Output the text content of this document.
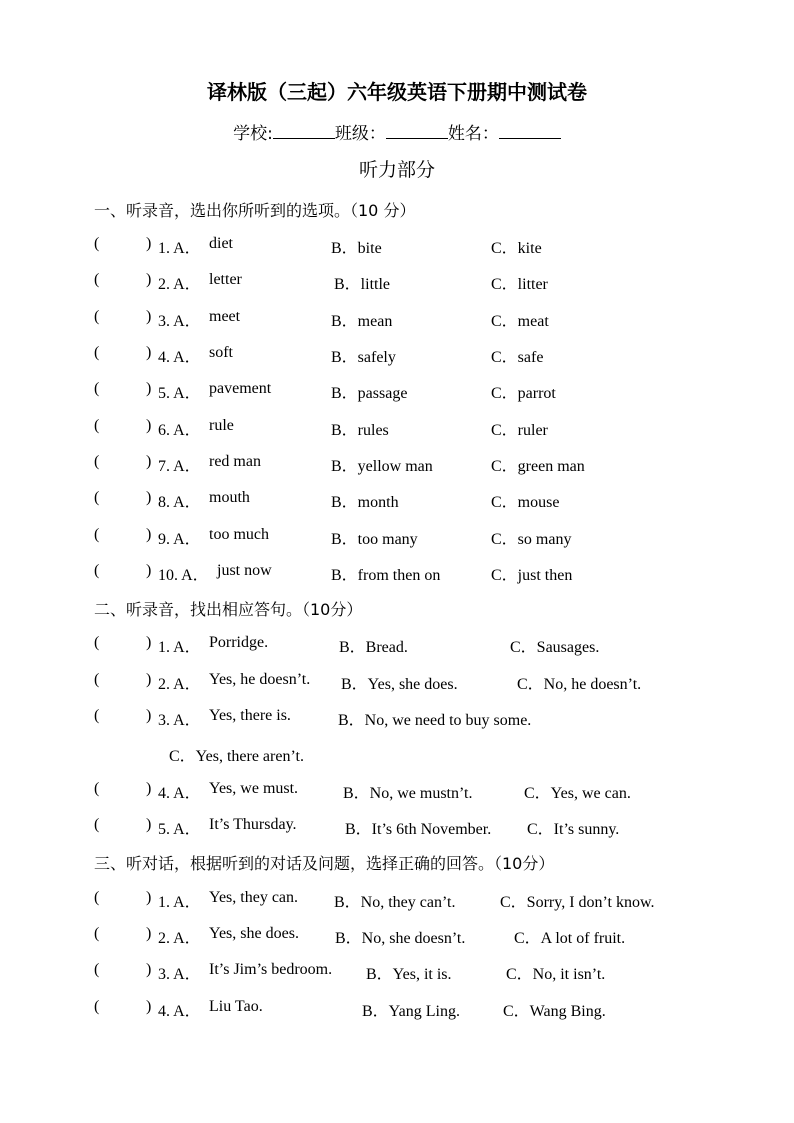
译林版（三起）六年级英语下册期中测试卷
学校:	班级：	姓名：
听力部分
一、听录音，选出你所听到的选项。（10 分）
(	) 1. A． diet	B．bite	C．kite
(	) 2. A． letter	B．little	C．litter
(	) 3. A． meet	B．mean	C．meat
(	) 4. A． soft	B．safely	C．safe
(	) 5. A． pavement	B．passage	C．parrot
(	) 6. A． rule	B．rules	C．ruler
(	) 7. A． red man	B．yellow man	C．green man
(	) 8. A． mouth	B．month	C．mouse
(	) 9. A． too much	B．too many	C．so many
(	) 10. A． just now	B．from then on	C．just then
二、听录音，找出相应答句。（10分）
(	) 1. A． Porridge.	B．Bread.	C．Sausages.
(	) 2. A． Yes, he doesn’t. B．Yes, she does.	C．No, he doesn’t.
(	) 3. A． Yes, there is.	B．No, we need to buy some.
C．Yes, there aren’t.
(	) 4. A． Yes, we must.	B．No, we mustn’t.	C．Yes, we can.
(	) 5. A． It’s Thursday.	B．It’s 6th November. C．It’s sunny.
三、听对话，根据听到的对话及问题，选择正确的回答。（10分）
(	) 1. A． Yes, they can. B．No, they can’t.	C．Sorry, I don’t know.
(	) 2. A． Yes, she does. B．No, she doesn’t.	C．A lot of fruit.
(	) 3. A． It’s Jim’s bedroom. B．Yes, it is.	C．No, it isn’t.
(	) 4. A． Liu Tao.	B．Yang Ling.	C．Wang Bing.
